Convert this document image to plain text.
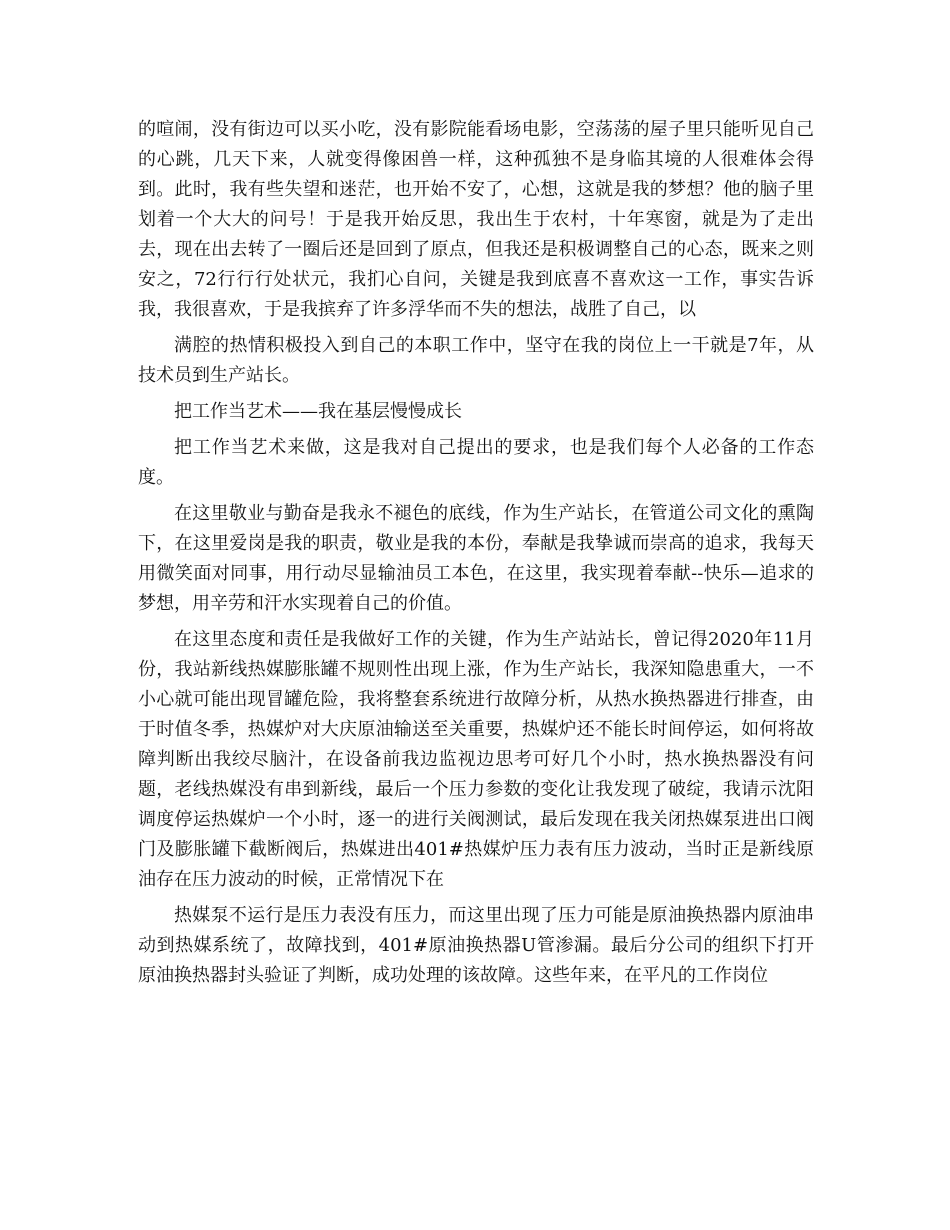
的喧闹，没有街边可以买小吃，没有影院能看场电影，空荡荡的屋子里只能听见自己的心跳，几天下来，人就变得像困兽一样，这种孤独不是身临其境的人很难体会得到。此时，我有些失望和迷茫，也开始不安了，心想，这就是我的梦想？他的脑子里划着一个大大的问号！于是我开始反思，我出生于农村，十年寒窗，就是为了走出去，现在出去转了一圈后还是回到了原点，但我还是积极调整自己的心态，既来之则安之，72行行行处状元，我扪心自问，关键是我到底喜不喜欢这一工作，事实告诉我，我很喜欢，于是我摈弃了许多浮华而不失的想法，战胜了自己，以

满腔的热情积极投入到自己的本职工作中，坚守在我的岗位上一干就是7年，从技术员到生产站长。

把工作当艺术——我在基层慢慢成长

把工作当艺术来做，这是我对自己提出的要求，也是我们每个人必备的工作态度。

在这里敬业与勤奋是我永不褪色的底线，作为生产站长，在管道公司文化的熏陶下，在这里爱岗是我的职责，敬业是我的本份，奉献是我挚诚而崇高的追求，我每天用微笑面对同事，用行动尽显输油员工本色，在这里，我实现着奉献--快乐—追求的梦想，用辛劳和汗水实现着自己的价值。

在这里态度和责任是我做好工作的关键，作为生产站站长，曾记得2020年11月份，我站新线热媒膨胀罐不规则性出现上涨，作为生产站长，我深知隐患重大，一不小心就可能出现冒罐危险，我将整套系统进行故障分析，从热水换热器进行排查，由于时值冬季，热媒炉对大庆原油输送至关重要，热媒炉还不能长时间停运，如何将故障判断出我绞尽脑汁，在设备前我边监视边思考可好几个小时，热水换热器没有问题，老线热媒没有串到新线，最后一个压力参数的变化让我发现了破绽，我请示沈阳调度停运热媒炉一个小时，逐一的进行关阀测试，最后发现在我关闭热媒泵进出口阀门及膨胀罐下截断阀后，热媒进出401#热媒炉压力表有压力波动，当时正是新线原油存在压力波动的时候，正常情况下在

热媒泵不运行是压力表没有压力，而这里出现了压力可能是原油换热器内原油串动到热媒系统了，故障找到，401#原油换热器U管渗漏。最后分公司的组织下打开原油换热器封头验证了判断，成功处理的该故障。这些年来，在平凡的工作岗位
